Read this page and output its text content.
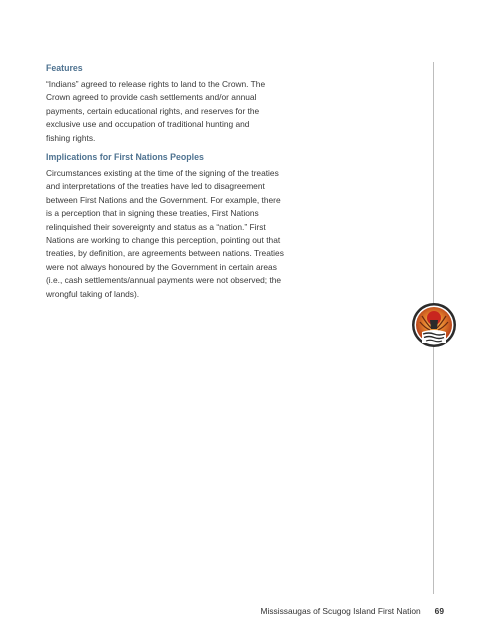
Features
“Indians” agreed to release rights to land to the Crown. The
Crown agreed to provide cash settlements and/or annual
payments, certain educational rights, and reserves for the
exclusive use and occupation of traditional hunting and
fishing rights.
Implications for First Nations Peoples
Circumstances existing at the time of the signing of the treaties
and interpretations of the treaties have led to disagreement
between First Nations and the Government. For example, there
is a perception that in signing these treaties, First Nations
relinquished their sovereignty and status as a “nation.” First
Nations are working to change this perception, pointing out that
treaties, by definition, are agreements between nations. Treaties
were not always honoured by the Government in certain areas
(i.e., cash settlements/annual payments were not observed; the
wrongful taking of lands).
Mississaugas of Scugog Island First Nation 69
